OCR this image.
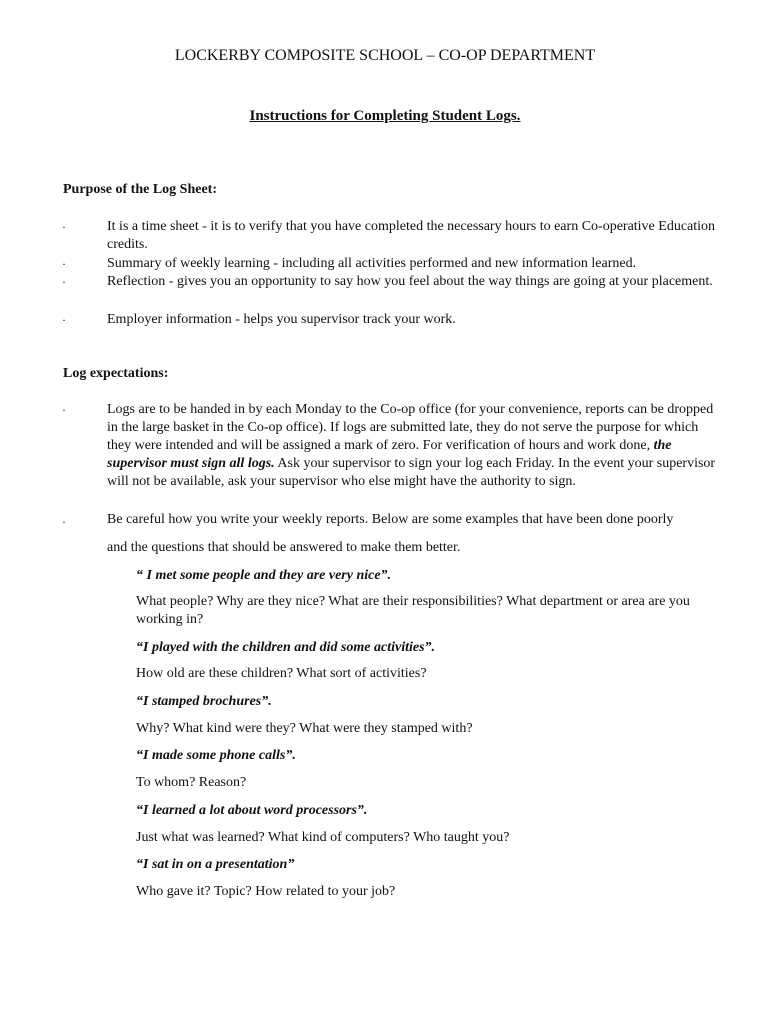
LOCKERBY COMPOSITE SCHOOL – CO-OP DEPARTMENT

Instructions for Completing Student Logs.

Purpose of the Log Sheet:

·	It is a time sheet - it is to verify that you have completed the necessary hours to earn Co-operative Education credits.

·	Summary of weekly learning - including all activities performed and new information learned.

·	Reflection - gives you an opportunity to say how you feel about the way things are going at your placement.

·	Employer information - helps you supervisor track your work.

Log expectations:

·	Logs are to be handed in by each Monday to the Co-op office (for your convenience, reports can be dropped in the large basket in the Co-op office). If logs are submitted late, they do not serve the purpose for which they were intended and will be assigned a mark of zero. For verification of hours and work done, the supervisor must sign all logs. Ask your supervisor to sign your log each Friday. In the event your supervisor will not be available, ask your supervisor who else might have the authority to sign.

·	Be careful how you write your weekly reports. Below are some examples that have been done poorly

and the questions that should be answered to make them better.

“ I met some people and they are very nice”.

What people? Why are they nice? What are their responsibilities? What department or area are you working in?

“I played with the children and did some activities”.

How old are these children? What sort of activities?

“I stamped brochures”.

Why? What kind were they? What were they stamped with?

“I made some phone calls”.

To whom? Reason?

“I learned a lot about word processors”.

Just what was learned? What kind of computers? Who taught you?

“I sat in on a presentation”

Who gave it? Topic? How related to your job?
